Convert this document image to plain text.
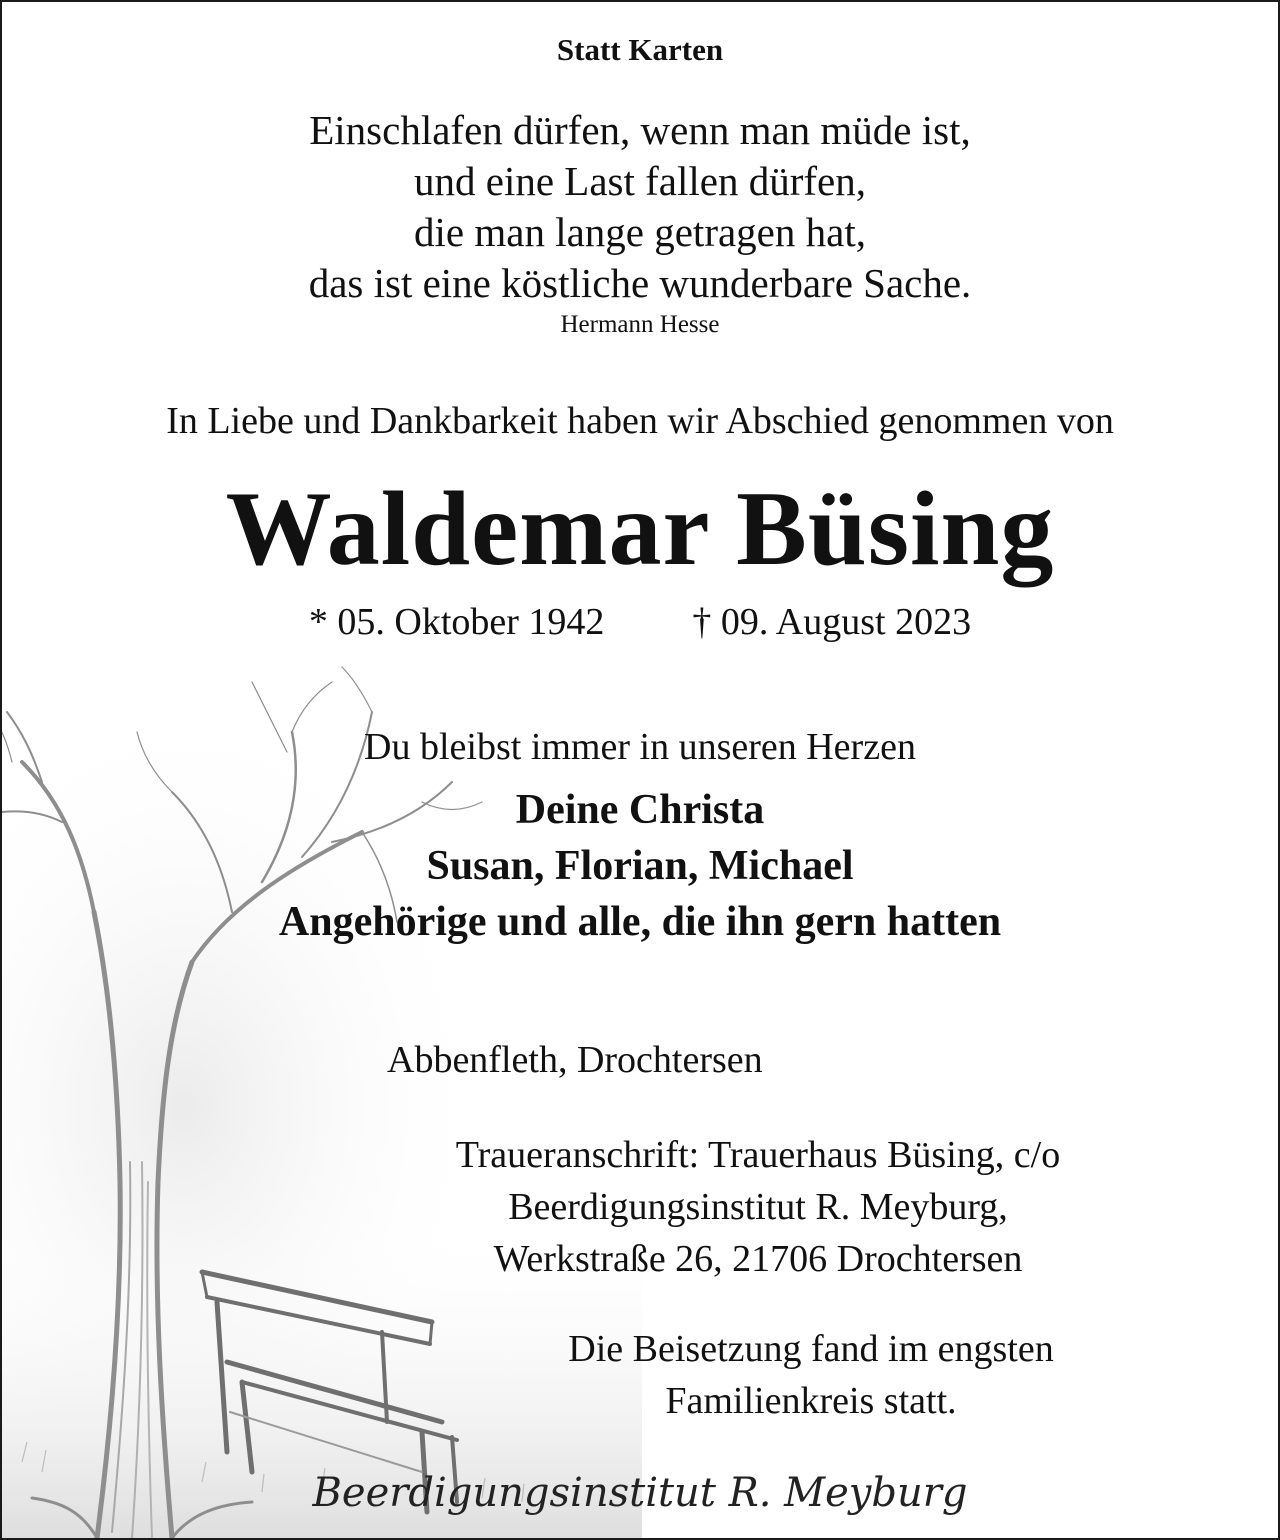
Statt Karten
Einschlafen dürfen, wenn man müde ist,
und eine Last fallen dürfen,
die man lange getragen hat,
das ist eine köstliche wunderbare Sache.
Hermann Hesse
In Liebe und Dankbarkeit haben wir Abschied genommen von
Waldemar Büsing
* 05. Oktober 1942 † 09. August 2023
Du bleibst immer in unseren Herzen
Deine Christa
Susan, Florian, Michael
Angehörige und alle, die ihn gern hatten
Abbenfleth, Drochtersen
Traueranschrift: Trauerhaus Büsing, c/o
Beerdigungsinstitut R. Meyburg,
Werkstraße 26, 21706 Drochtersen
Die Beisetzung fand im engsten
Familienkreis statt.
Beerdigungsinstitut R. Meyburg
